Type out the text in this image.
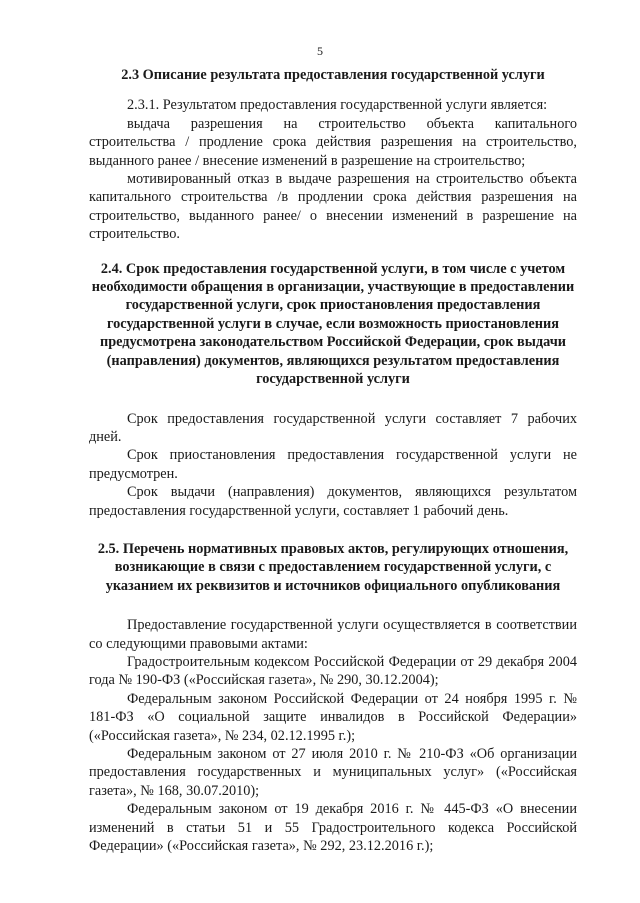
5

2.3 Описание результата предоставления государственной услуги

2.3.1. Результатом предоставления государственной услуги является:

выдача разрешения на строительство объекта капитального строительства / продление срока действия разрешения на строительство, выданного ранее / внесение изменений в разрешение на строительство;

мотивированный отказ в выдаче разрешения на строительство объекта капитального строительства /в продлении срока действия разрешения на строительство, выданного ранее/ о внесении изменений в разрешение на строительство.

2.4. Срок предоставления государственной услуги, в том числе с учетом необходимости обращения в организации, участвующие в предоставлении государственной услуги, срок приостановления предоставления государственной услуги в случае, если возможность приостановления предусмотрена законодательством Российской Федерации, срок выдачи (направления) документов, являющихся результатом предоставления государственной услуги

Срок предоставления государственной услуги составляет 7 рабочих дней.

Срок приостановления предоставления государственной услуги не предусмотрен.

Срок выдачи (направления) документов, являющихся результатом предоставления государственной услуги, составляет 1 рабочий день.

2.5. Перечень нормативных правовых актов, регулирующих отношения, возникающие в связи с предоставлением государственной услуги, с указанием их реквизитов и источников официального опубликования

Предоставление государственной услуги осуществляется в соответствии со следующими правовыми актами:

Градостроительным кодексом Российской Федерации от 29 декабря 2004 года № 190-ФЗ («Российская газета», № 290, 30.12.2004);

Федеральным законом Российской Федерации от 24 ноября 1995 г. № 181-ФЗ «О социальной защите инвалидов в Российской Федерации» («Российская газета», № 234, 02.12.1995 г.);

Федеральным законом от 27 июля 2010 г. № 210-ФЗ «Об организации предоставления государственных и муниципальных услуг» («Российская газета», № 168, 30.07.2010);

Федеральным законом от 19 декабря 2016 г. № 445-ФЗ «О внесении изменений в статьи 51 и 55 Градостроительного кодекса Российской Федерации» («Российская газета», № 292, 23.12.2016 г.);
